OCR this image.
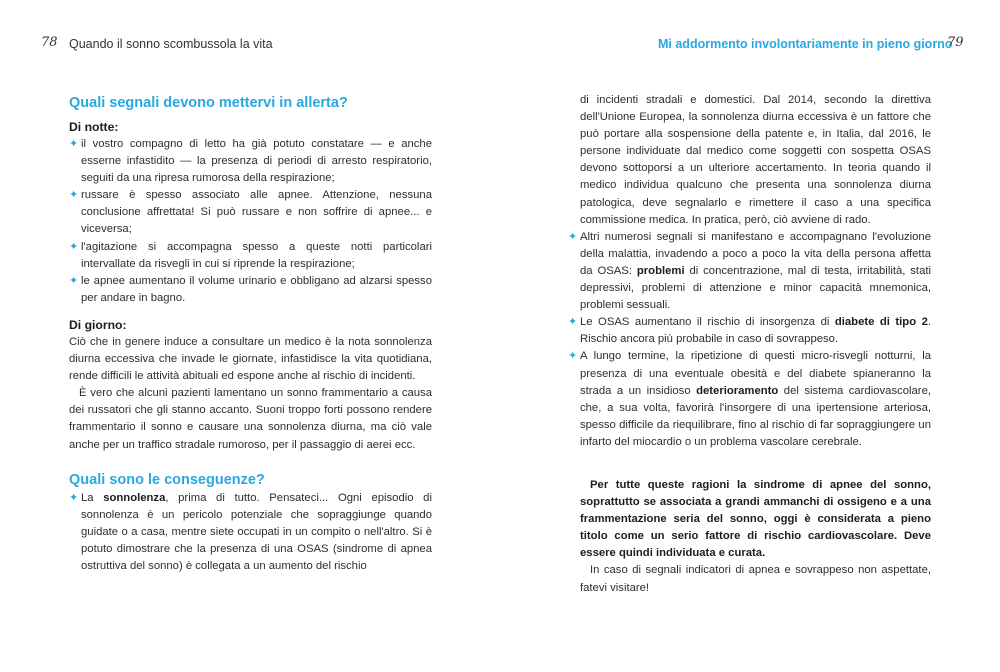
78 Quando il sonno scombussola la vita
Quali segnali devono mettervi in allerta?
Di notte:
✦ il vostro compagno di letto ha già potuto constatare — e anche esserne infastidito — la presenza di periodi di arresto respiratorio, seguiti da una ripresa rumorosa della respirazione;
✦ russare è spesso associato alle apnee. Attenzione, nessuna conclusione affrettata! Si può russare e non soffrire di apnee... e viceversa;
✦ l'agitazione si accompagna spesso a queste notti particolari intervallate da risvegli in cui si riprende la respirazione;
✦ le apnee aumentano il volume urinario e obbligano ad alzarsi spesso per andare in bagno.
Di giorno:

Ciò che in genere induce a consultare un medico è la nota sonnolenza diurna eccessiva che invade le giornate, infastidisce la vita quotidiana, rende difficili le attività abituali ed espone anche al rischio di incidenti.

È vero che alcuni pazienti lamentano un sonno frammentario a causa dei russatori che gli stanno accanto. Suoni troppo forti possono rendere frammentario il sonno e causare una sonnolenza diurna, ma ciò vale anche per un traffico stradale rumoroso, per il passaggio di aerei ecc.

Quali sono le conseguenze?
✦ La sonnolenza, prima di tutto. Pensateci... Ogni episodio di sonnolenza è un pericolo potenziale che sopraggiunge quando guidate o a casa, mentre siete occupati in un compito o nell'altro. Si è potuto dimostrare che la presenza di una OSAS (sindrome di apnea ostruttiva del sonno) è collegata a un aumento del rischio
Mi addormento involontariamente in pieno giorno
79

di incidenti stradali e domestici. Dal 2014, secondo la direttiva dell'Unione Europea, la sonnolenza diurna eccessiva è un fattore che può portare alla sospensione della patente e, in Italia, dal 2016, le persone individuate dal medico come soggetti con sospetta OSAS devono sottoporsi a un ulteriore accertamento. In teoria quando il medico individua qualcuno che presenta una sonnolenza diurna patologica, deve segnalarlo e rimettere il caso a una specifica commissione medica. In pratica, però, ciò avviene di rado.

✦ Altri numerosi segnali si manifestano e accompagnano l'evoluzione della malattia, invadendo a poco a poco la vita della persona affetta da OSAS: problemi di concentrazione, mal di testa, irritabilità, stati depressivi, problemi di attenzione e minor capacità mnemonica, problemi sessuali.
✦ Le OSAS aumentano il rischio di insorgenza di diabete di tipo 2. Rischio ancora più probabile in caso di sovrappeso.
✦ A lungo termine, la ripetizione di questi micro-risvegli notturni, la presenza di una eventuale obesità e del diabete spianeranno la strada a un insidioso deterioramento del sistema cardiovascolare, che, a sua volta, favorirà l'insorgere di una ipertensione arteriosa, spesso difficile da riequilibrare, fino al rischio di far sopraggiungere un infarto del miocardio o un problema vascolare cerebrale.

Per tutte queste ragioni la sindrome di apnee del sonno, soprattutto se associata a grandi ammanchi di ossigeno e a una frammentazione seria del sonno, oggi è considerata a pieno titolo come un serio fattore di rischio cardiovascolare. Deve essere quindi individuata e curata.

In caso di segnali indicatori di apnea e sovrappeso non aspettate, fatevi visitare!
